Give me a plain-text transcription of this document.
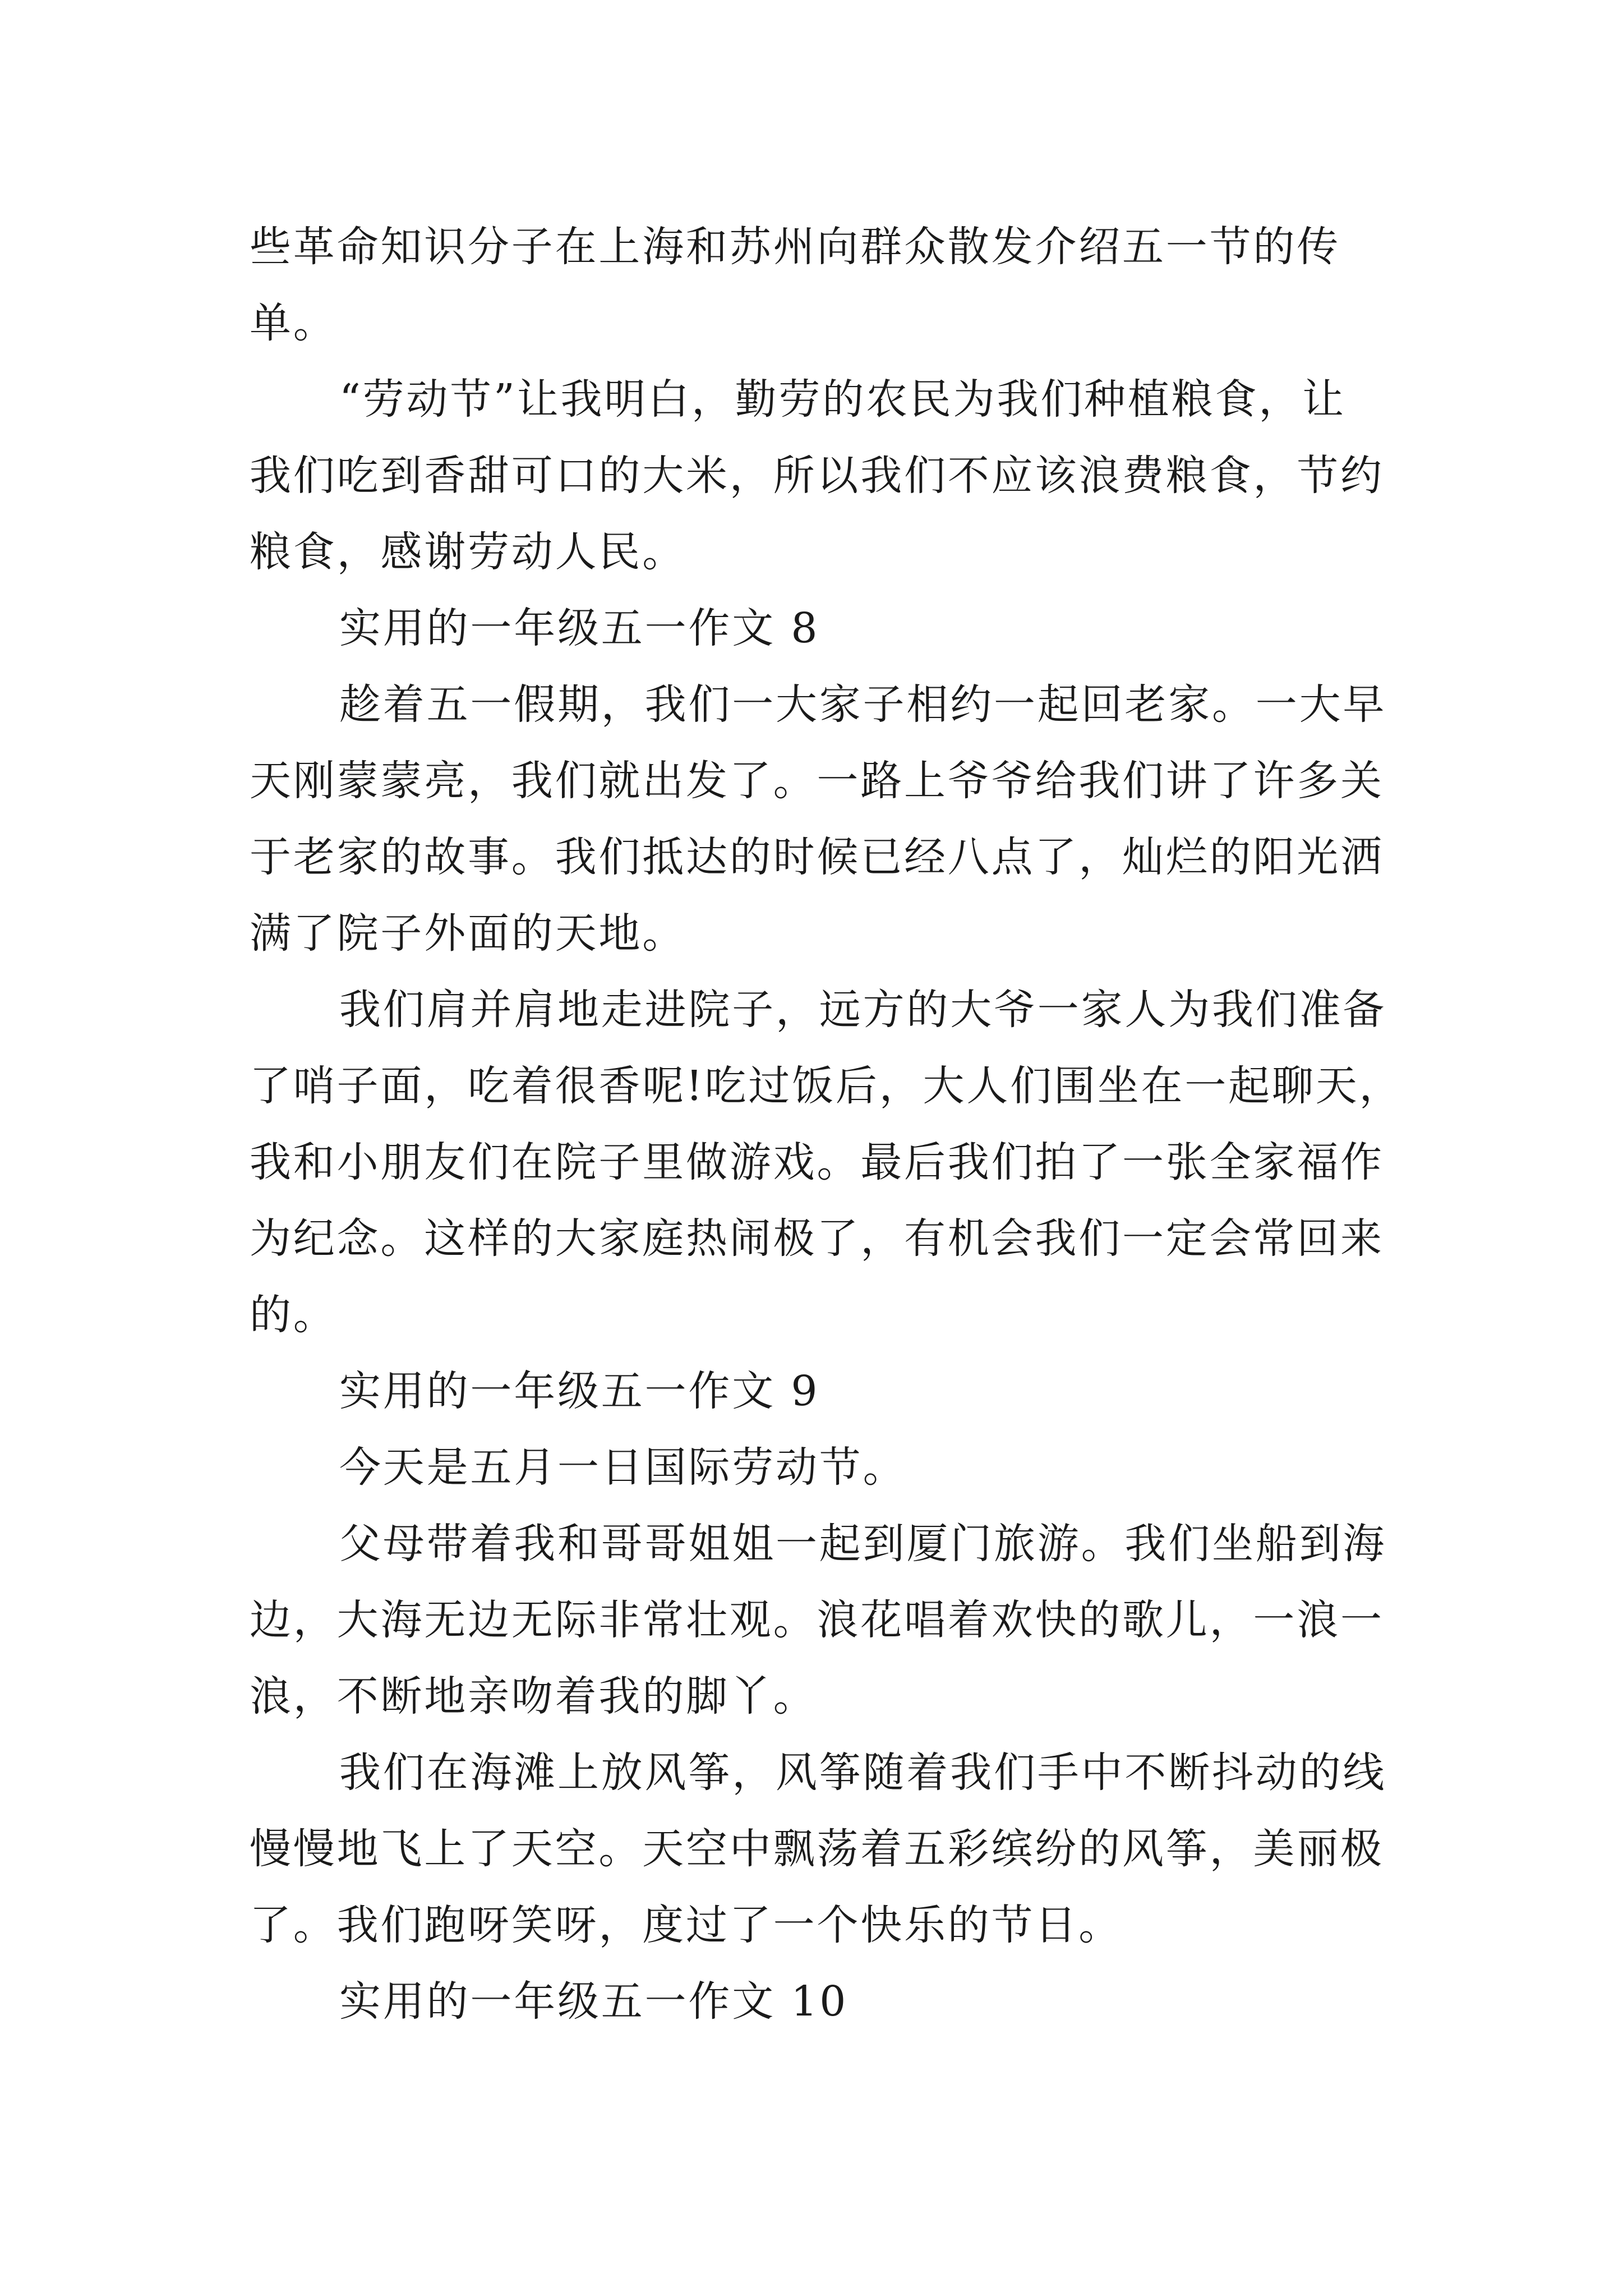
些革命知识分子在上海和苏州向群众散发介绍五一节的传
单。
“劳动节”让我明白，勤劳的农民为我们种植粮食，让
我们吃到香甜可口的大米，所以我们不应该浪费粮食，节约
粮食，感谢劳动人民。
实用的一年级五一作文 8
趁着五一假期，我们一大家子相约一起回老家。一大早
天刚蒙蒙亮，我们就出发了。一路上爷爷给我们讲了许多关
于老家的故事。我们抵达的时候已经八点了，灿烂的阳光洒
满了院子外面的天地。
我们肩并肩地走进院子，远方的大爷一家人为我们准备
了哨子面，吃着很香呢!吃过饭后，大人们围坐在一起聊天，
我和小朋友们在院子里做游戏。最后我们拍了一张全家福作
为纪念。这样的大家庭热闹极了，有机会我们一定会常回来
的。
实用的一年级五一作文 9
今天是五月一日国际劳动节。
父母带着我和哥哥姐姐一起到厦门旅游。我们坐船到海
边，大海无边无际非常壮观。浪花唱着欢快的歌儿，一浪一
浪，不断地亲吻着我的脚丫。
我们在海滩上放风筝，风筝随着我们手中不断抖动的线
慢慢地飞上了天空。天空中飘荡着五彩缤纷的风筝，美丽极
了。我们跑呀笑呀，度过了一个快乐的节日。
实用的一年级五一作文 10
